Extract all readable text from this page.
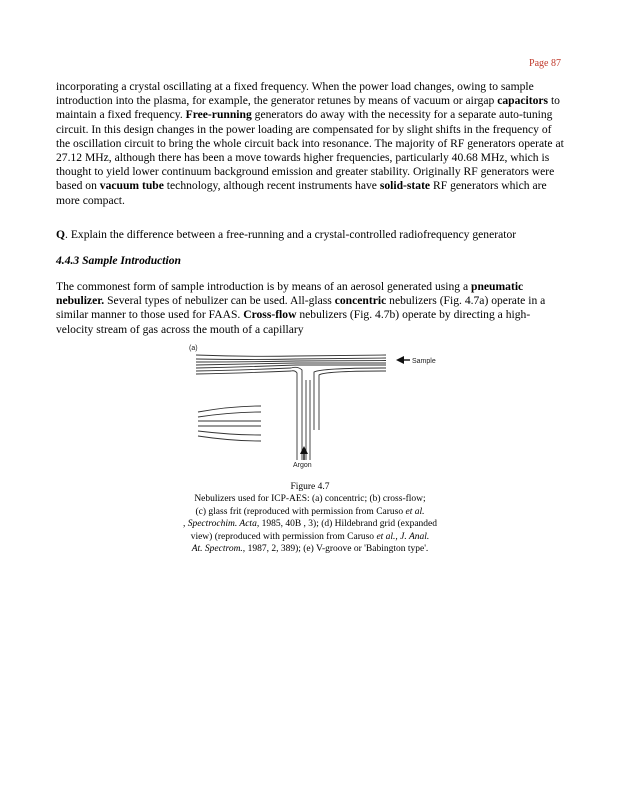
Page 87

incorporating a crystal oscillating at a fixed frequency. When the power load changes, owing to sample introduction into the plasma, for example, the generator retunes by means of vacuum or airgap capacitors to maintain a fixed frequency. Free-running generators do away with the necessity for a separate auto-tuning circuit. In this design changes in the power loading are compensated for by slight shifts in the frequency of the oscillation circuit to bring the whole circuit back into resonance. The majority of RF generators operate at 27.12 MHz, although there has been a move towards higher frequencies, particularly 40.68 MHz, which is thought to yield lower continuum background emission and greater stability. Originally RF generators were based on vacuum tube technology, although recent instruments have solid-state RF generators which are more compact.

Q. Explain the difference between a free-running and a crystal-controlled radiofrequency generator

4.4.3 Sample Introduction

The commonest form of sample introduction is by means of an aerosol generated using a pneumatic nebulizer. Several types of nebulizer can be used. All-glass concentric nebulizers (Fig. 4.7a) operate in a similar manner to those used for FAAS. Cross-flow nebulizers (Fig. 4.7b) operate by directing a high-velocity stream of gas across the mouth of a capillary

(a)
Sample
Argon
Figure 4.7
Nebulizers used for ICP-AES: (a) concentric; (b) cross-flow;
(c) glass frit (reproduced with permission from Caruso et al.
, Spectrochim. Acta, 1985, 40B , 3); (d) Hildebrand grid (expanded
view) (reproduced with permission from Caruso et al., J. Anal.
At. Spectrom., 1987, 2, 389); (e) V-groove or 'Babington type'.
